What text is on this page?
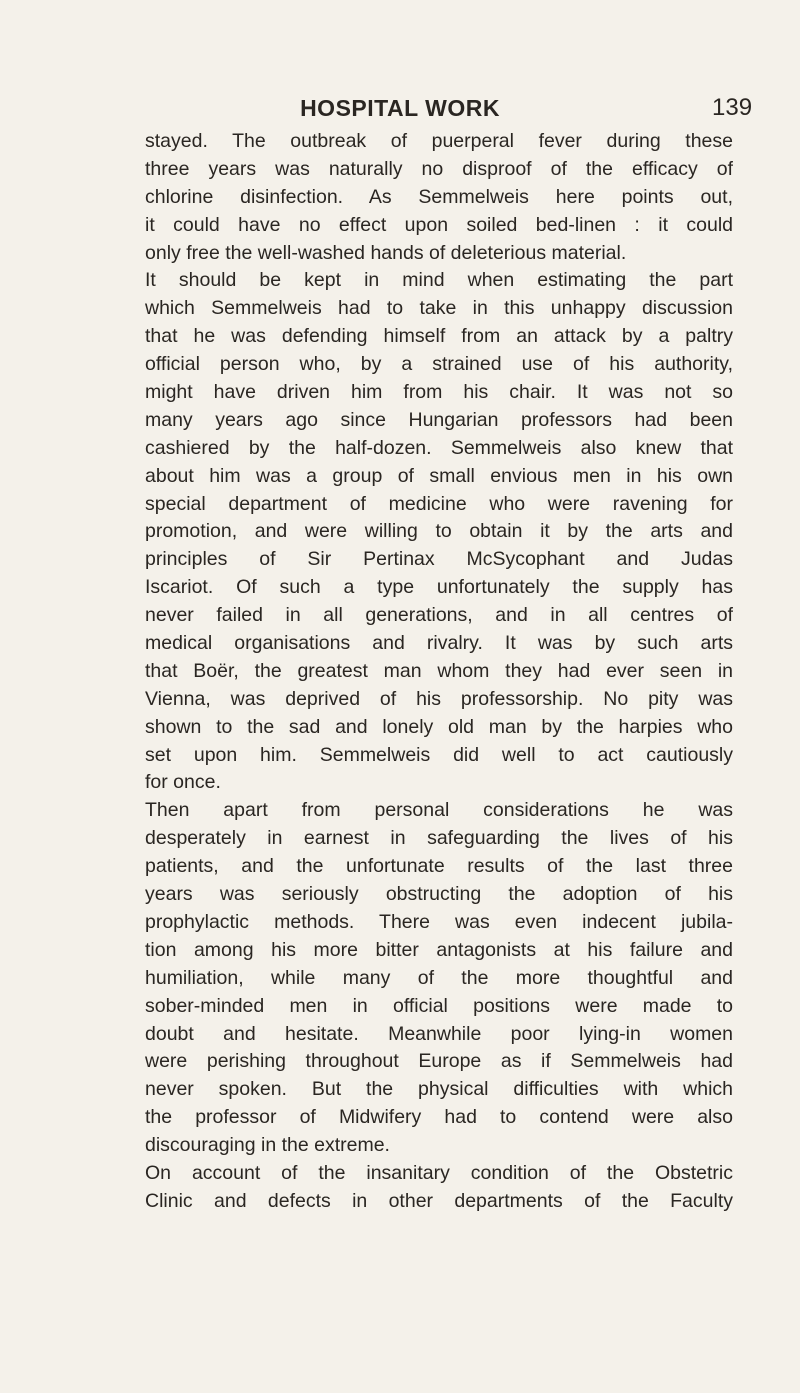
HOSPITAL WORK	139
stayed. The outbreak of puerperal fever during these
three years was naturally no disproof of the efficacy of
chlorine disinfection. As Semmelweis here points out,
it could have no effect upon soiled bed-linen : it could
only free the well-washed hands of deleterious material.
It should be kept in mind when estimating the part
which Semmelweis had to take in this unhappy discussion
that he was defending himself from an attack by a paltry
official person who, by a strained use of his authority,
might have driven him from his chair. It was not so
many years ago since Hungarian professors had been
cashiered by the half-dozen. Semmelweis also knew that
about him was a group of small envious men in his own
special department of medicine who were ravening for
promotion, and were willing to obtain it by the arts and
principles of Sir Pertinax McSycophant and Judas
Iscariot. Of such a type unfortunately the supply has
never failed in all generations, and in all centres of
medical organisations and rivalry. It was by such arts
that Boër, the greatest man whom they had ever seen in
Vienna, was deprived of his professorship. No pity was
shown to the sad and lonely old man by the harpies who
set upon him. Semmelweis did well to act cautiously
for once.
Then apart from personal considerations he was
desperately in earnest in safeguarding the lives of his
patients, and the unfortunate results of the last three
years was seriously obstructing the adoption of his
prophylactic methods. There was even indecent jubila-
tion among his more bitter antagonists at his failure and
humiliation, while many of the more thoughtful and
sober-minded men in official positions were made to
doubt and hesitate. Meanwhile poor lying-in women
were perishing throughout Europe as if Semmelweis had
never spoken. But the physical difficulties with which
the professor of Midwifery had to contend were also
discouraging in the extreme.
On account of the insanitary condition of the Obstetric
Clinic and defects in other departments of the Faculty
